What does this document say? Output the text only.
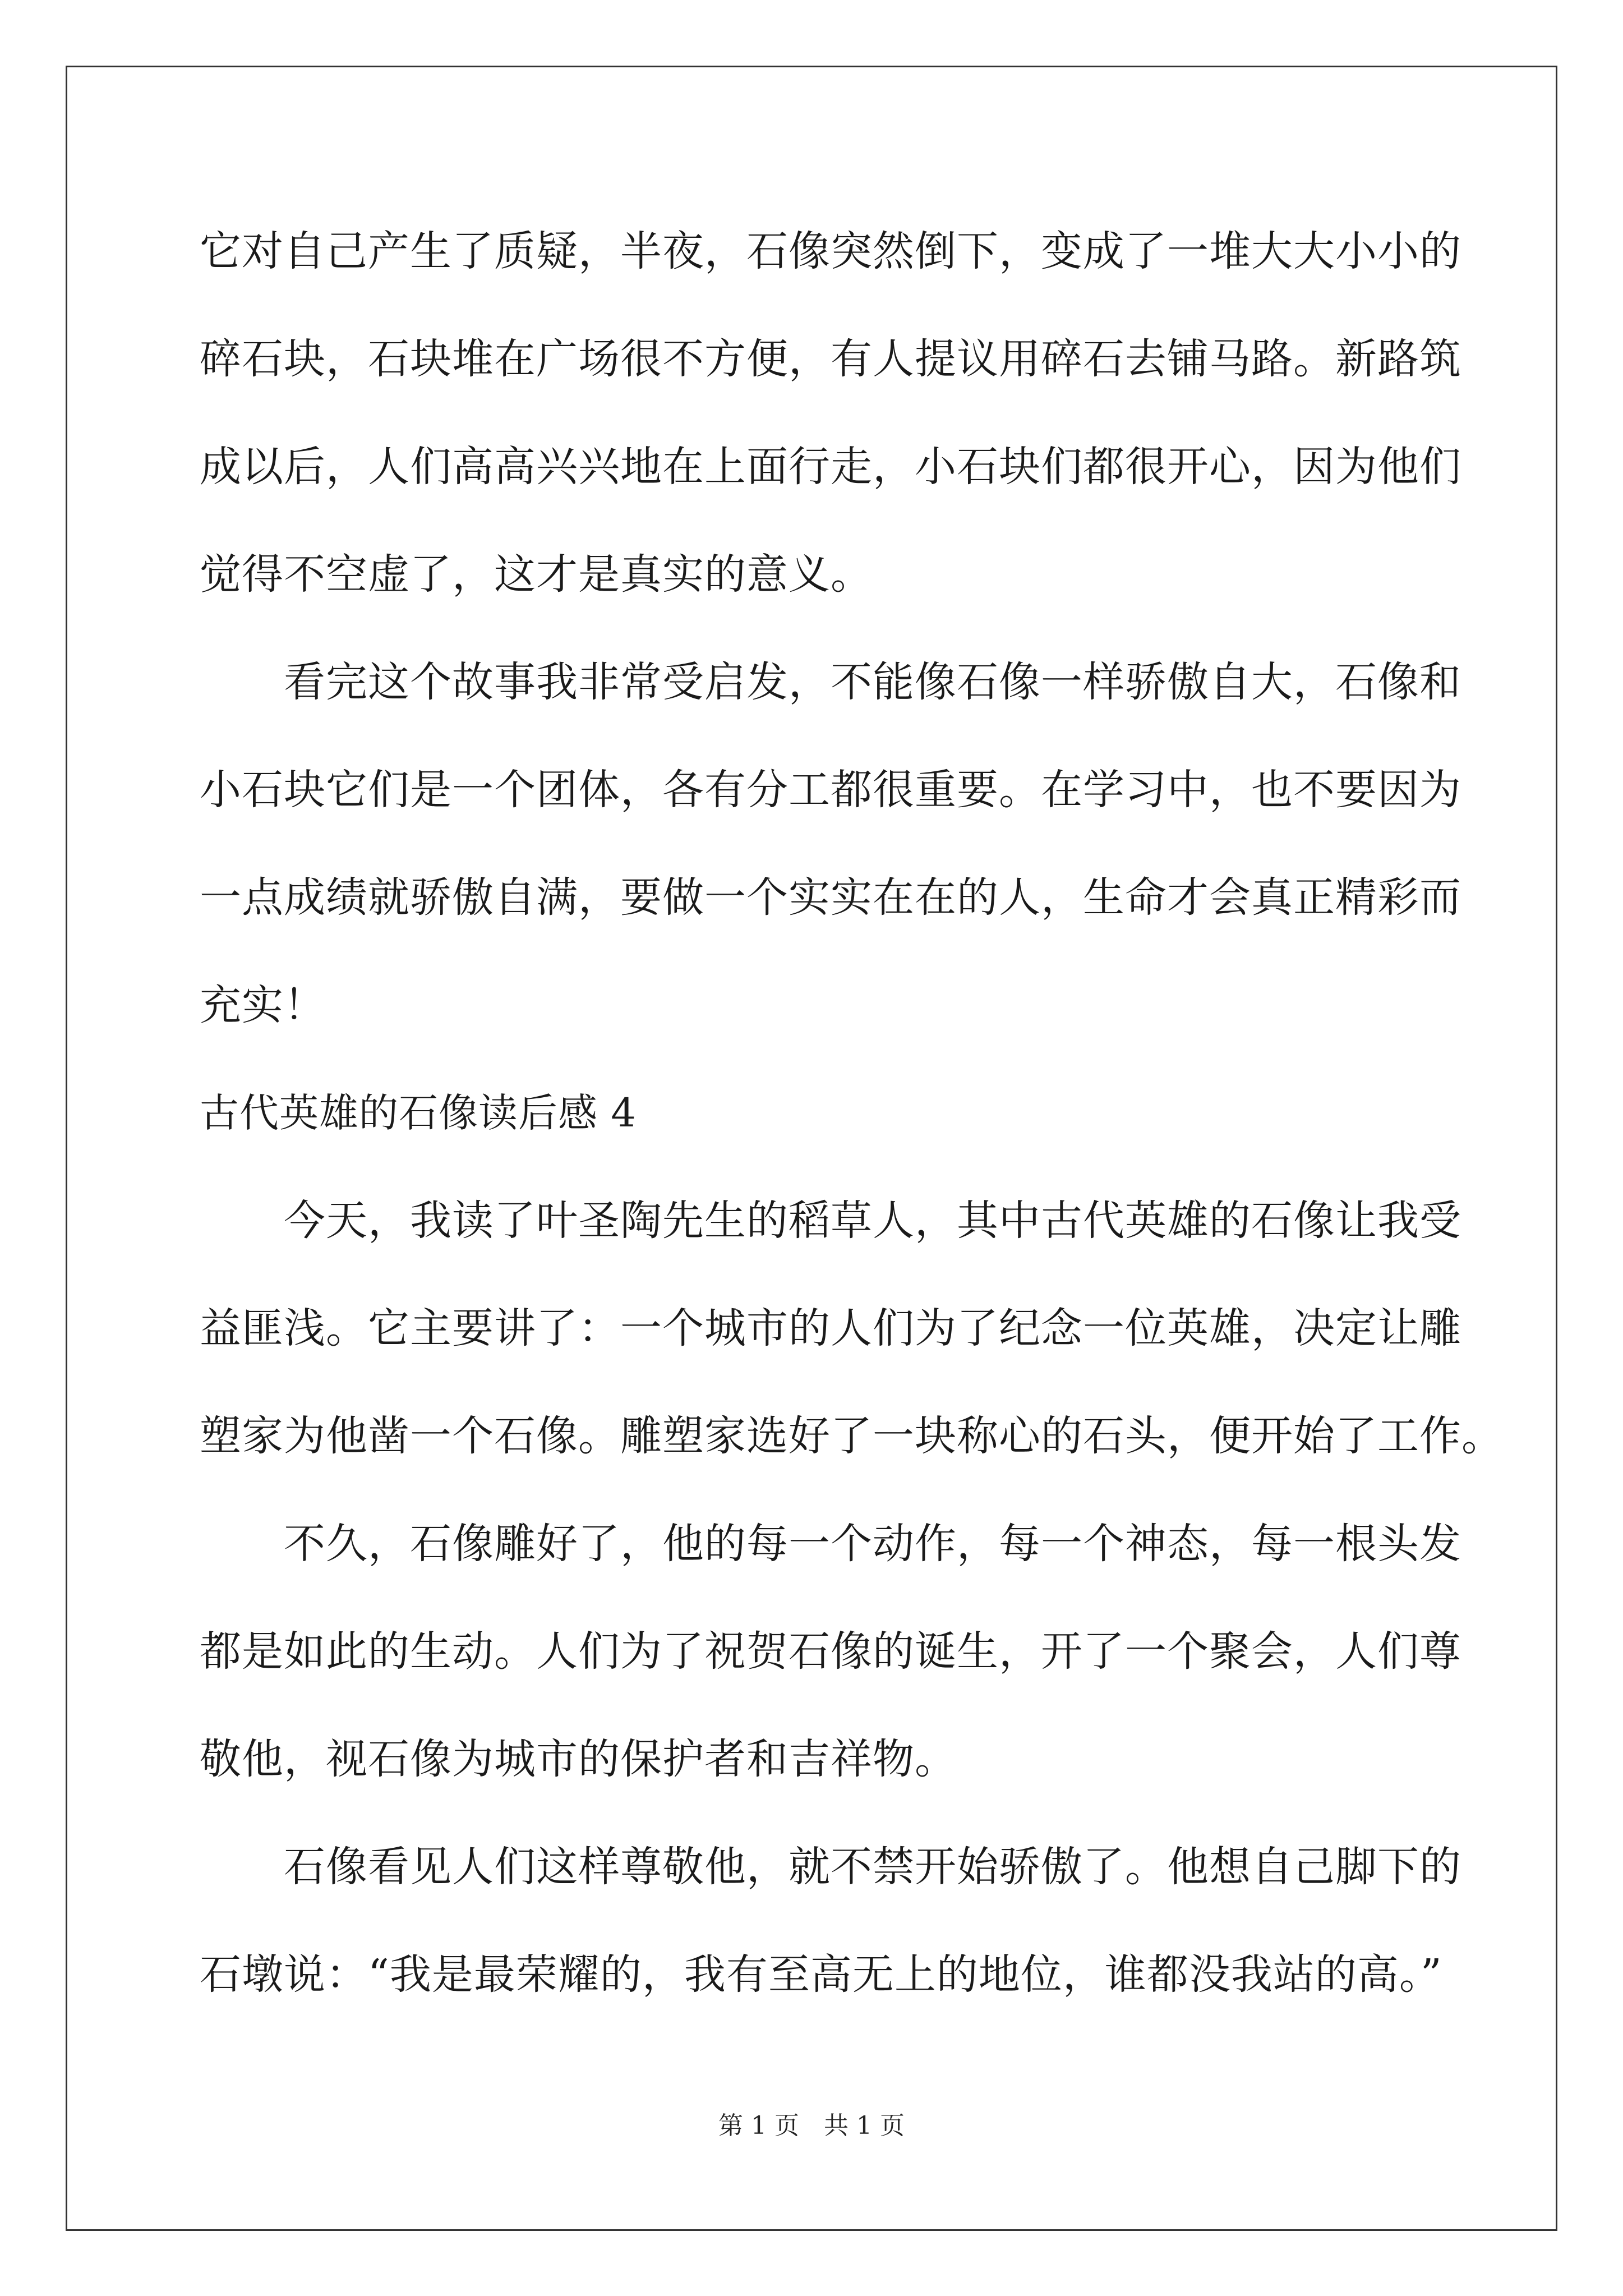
它对自己产生了质疑，半夜，石像突然倒下，变成了一堆大大小小的
碎石块，石块堆在广场很不方便，有人提议用碎石去铺马路。新路筑
成以后，人们高高兴兴地在上面行走，小石块们都很开心，因为他们
觉得不空虚了，这才是真实的意义。
看完这个故事我非常受启发，不能像石像一样骄傲自大，石像和
小石块它们是一个团体，各有分工都很重要。在学习中，也不要因为
一点成绩就骄傲自满，要做一个实实在在的人，生命才会真正精彩而
充实！
古代英雄的石像读后感 4
今天，我读了叶圣陶先生的稻草人，其中古代英雄的石像让我受
益匪浅。它主要讲了：一个城市的人们为了纪念一位英雄，决定让雕
塑家为他凿一个石像。雕塑家选好了一块称心的石头，便开始了工作。
不久，石像雕好了，他的每一个动作，每一个神态，每一根头发
都是如此的生动。人们为了祝贺石像的诞生，开了一个聚会，人们尊
敬他，视石像为城市的保护者和吉祥物。
石像看见人们这样尊敬他，就不禁开始骄傲了。他想自己脚下的
石墩说：“我是最荣耀的，我有至高无上的地位，谁都没我站的高。”
第 1 页　共 1 页
